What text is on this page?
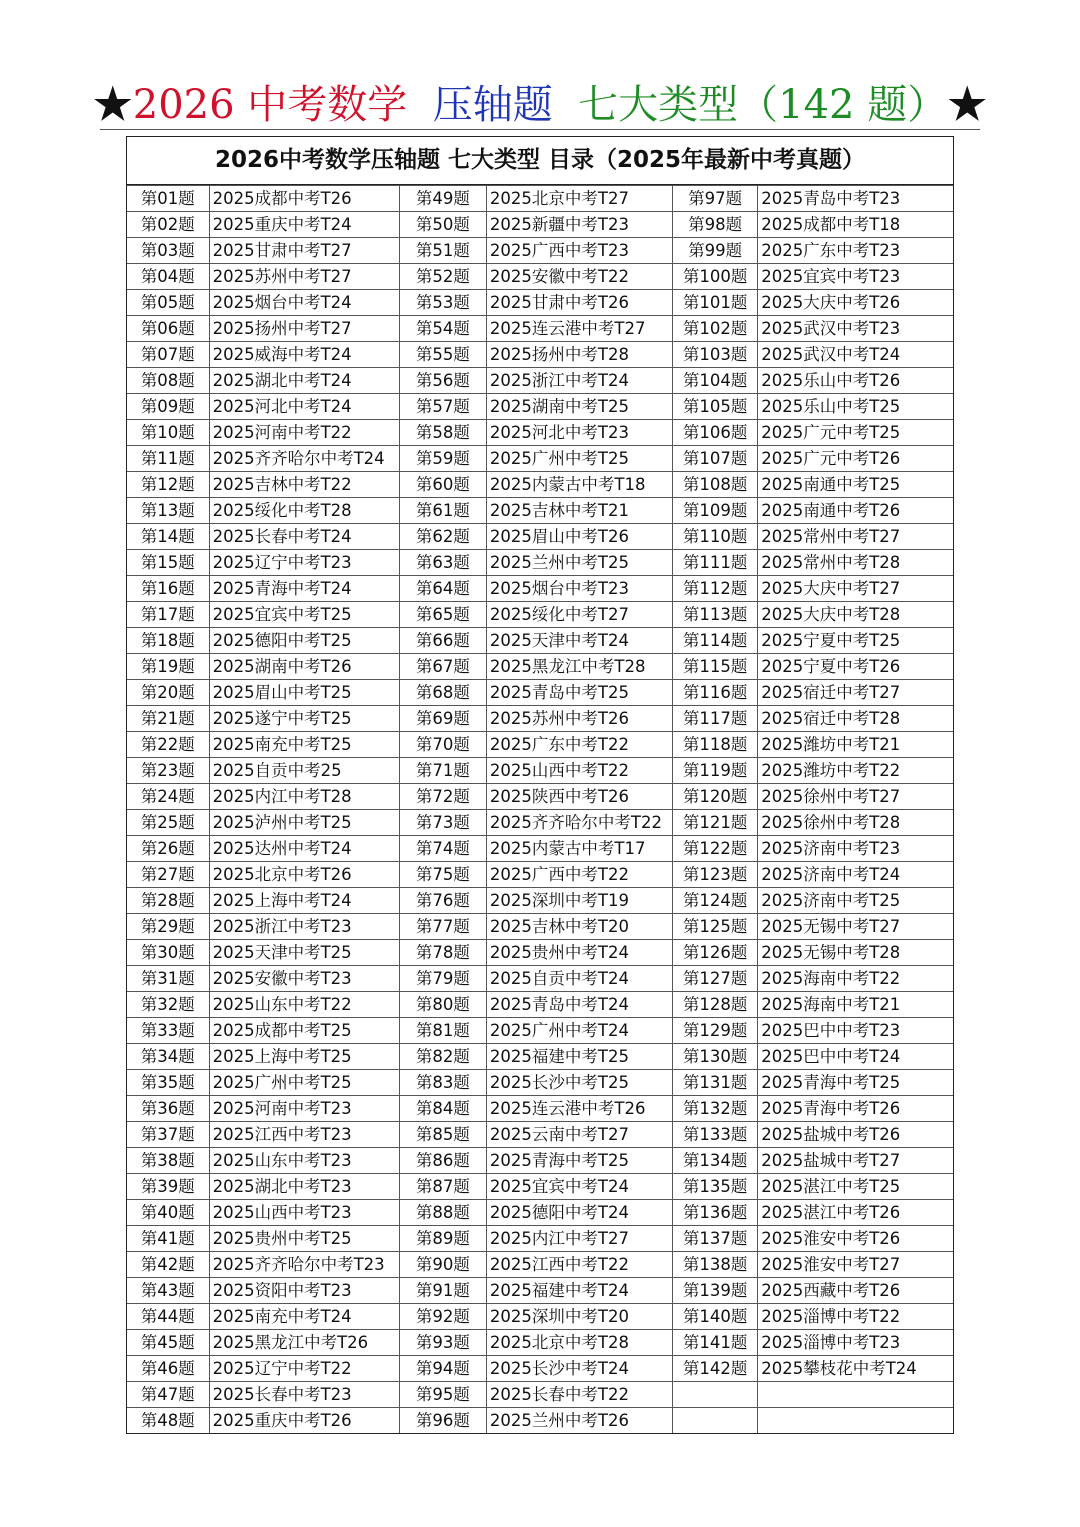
★2026 中考数学 压轴题 七大类型（142 题）★
2026中考数学压轴题 七大类型 目录（2025年最新中考真题）
第01题	2025成都中考T26	第49题	2025北京中考T27	第97题	2025青岛中考T23
第02题	2025重庆中考T24	第50题	2025新疆中考T23	第98题	2025成都中考T18
第03题	2025甘肃中考T27	第51题	2025广西中考T23	第99题	2025广东中考T23
第04题	2025苏州中考T27	第52题	2025安徽中考T22	第100题	2025宜宾中考T23
第05题	2025烟台中考T24	第53题	2025甘肃中考T26	第101题	2025大庆中考T26
第06题	2025扬州中考T27	第54题	2025连云港中考T27	第102题	2025武汉中考T23
第07题	2025威海中考T24	第55题	2025扬州中考T28	第103题	2025武汉中考T24
第08题	2025湖北中考T24	第56题	2025浙江中考T24	第104题	2025乐山中考T26
第09题	2025河北中考T24	第57题	2025湖南中考T25	第105题	2025乐山中考T25
第10题	2025河南中考T22	第58题	2025河北中考T23	第106题	2025广元中考T25
第11题	2025齐齐哈尔中考T24	第59题	2025广州中考T25	第107题	2025广元中考T26
第12题	2025吉林中考T22	第60题	2025内蒙古中考T18	第108题	2025南通中考T25
第13题	2025绥化中考T28	第61题	2025吉林中考T21	第109题	2025南通中考T26
第14题	2025长春中考T24	第62题	2025眉山中考T26	第110题	2025常州中考T27
第15题	2025辽宁中考T23	第63题	2025兰州中考T25	第111题	2025常州中考T28
第16题	2025青海中考T24	第64题	2025烟台中考T23	第112题	2025大庆中考T27
第17题	2025宜宾中考T25	第65题	2025绥化中考T27	第113题	2025大庆中考T28
第18题	2025德阳中考T25	第66题	2025天津中考T24	第114题	2025宁夏中考T25
第19题	2025湖南中考T26	第67题	2025黑龙江中考T28	第115题	2025宁夏中考T26
第20题	2025眉山中考T25	第68题	2025青岛中考T25	第116题	2025宿迁中考T27
第21题	2025遂宁中考T25	第69题	2025苏州中考T26	第117题	2025宿迁中考T28
第22题	2025南充中考T25	第70题	2025广东中考T22	第118题	2025潍坊中考T21
第23题	2025自贡中考25	第71题	2025山西中考T22	第119题	2025潍坊中考T22
第24题	2025内江中考T28	第72题	2025陕西中考T26	第120题	2025徐州中考T27
第25题	2025泸州中考T25	第73题	2025齐齐哈尔中考T22	第121题	2025徐州中考T28
第26题	2025达州中考T24	第74题	2025内蒙古中考T17	第122题	2025济南中考T23
第27题	2025北京中考T26	第75题	2025广西中考T22	第123题	2025济南中考T24
第28题	2025上海中考T24	第76题	2025深圳中考T19	第124题	2025济南中考T25
第29题	2025浙江中考T23	第77题	2025吉林中考T20	第125题	2025无锡中考T27
第30题	2025天津中考T25	第78题	2025贵州中考T24	第126题	2025无锡中考T28
第31题	2025安徽中考T23	第79题	2025自贡中考T24	第127题	2025海南中考T22
第32题	2025山东中考T22	第80题	2025青岛中考T24	第128题	2025海南中考T21
第33题	2025成都中考T25	第81题	2025广州中考T24	第129题	2025巴中中考T23
第34题	2025上海中考T25	第82题	2025福建中考T25	第130题	2025巴中中考T24
第35题	2025广州中考T25	第83题	2025长沙中考T25	第131题	2025青海中考T25
第36题	2025河南中考T23	第84题	2025连云港中考T26	第132题	2025青海中考T26
第37题	2025江西中考T23	第85题	2025云南中考T27	第133题	2025盐城中考T26
第38题	2025山东中考T23	第86题	2025青海中考T25	第134题	2025盐城中考T27
第39题	2025湖北中考T23	第87题	2025宜宾中考T24	第135题	2025湛江中考T25
第40题	2025山西中考T23	第88题	2025德阳中考T24	第136题	2025湛江中考T26
第41题	2025贵州中考T25	第89题	2025内江中考T27	第137题	2025淮安中考T26
第42题	2025齐齐哈尔中考T23	第90题	2025江西中考T22	第138题	2025淮安中考T27
第43题	2025资阳中考T23	第91题	2025福建中考T24	第139题	2025西藏中考T26
第44题	2025南充中考T24	第92题	2025深圳中考T20	第140题	2025淄博中考T22
第45题	2025黑龙江中考T26	第93题	2025北京中考T28	第141题	2025淄博中考T23
第46题	2025辽宁中考T22	第94题	2025长沙中考T24	第142题	2025攀枝花中考T24
第47题	2025长春中考T23	第95题	2025长春中考T22		
第48题	2025重庆中考T26	第96题	2025兰州中考T26		
